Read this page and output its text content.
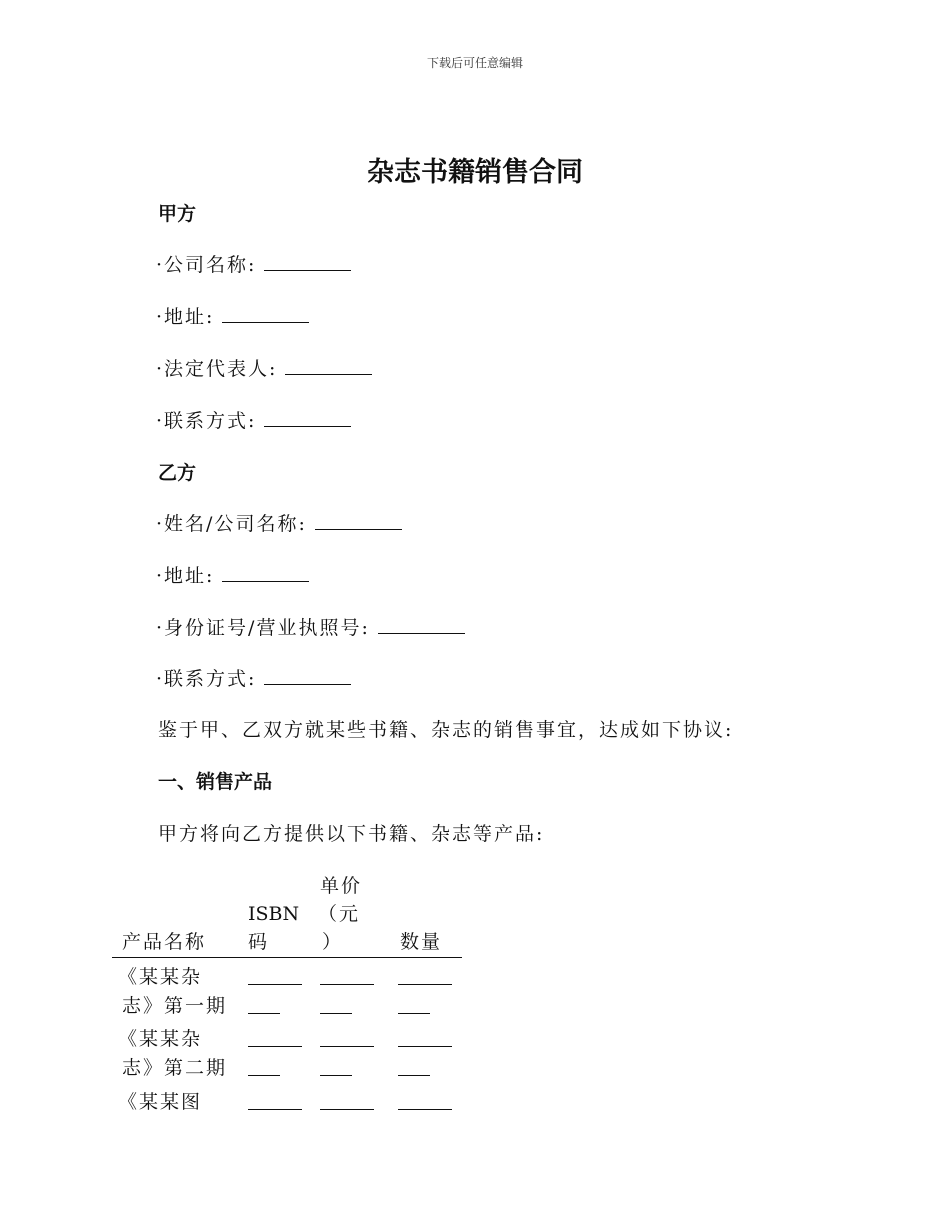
下载后可任意编辑
杂志书籍销售合同
甲方
·公司名称:
·地址:
·法定代表人:
·联系方式:
乙方
·姓名/公司名称:
·地址:
·身份证号/营业执照号:
·联系方式:
鉴于甲、乙双方就某些书籍、杂志的销售事宜，达成如下协议:
一、销售产品
甲方将向乙方提供以下书籍、杂志等产品:
产品名称
ISBN
码
单价
（元
）	数量
《某某杂
志》第一期
《某某杂
志》第二期
《某某图
